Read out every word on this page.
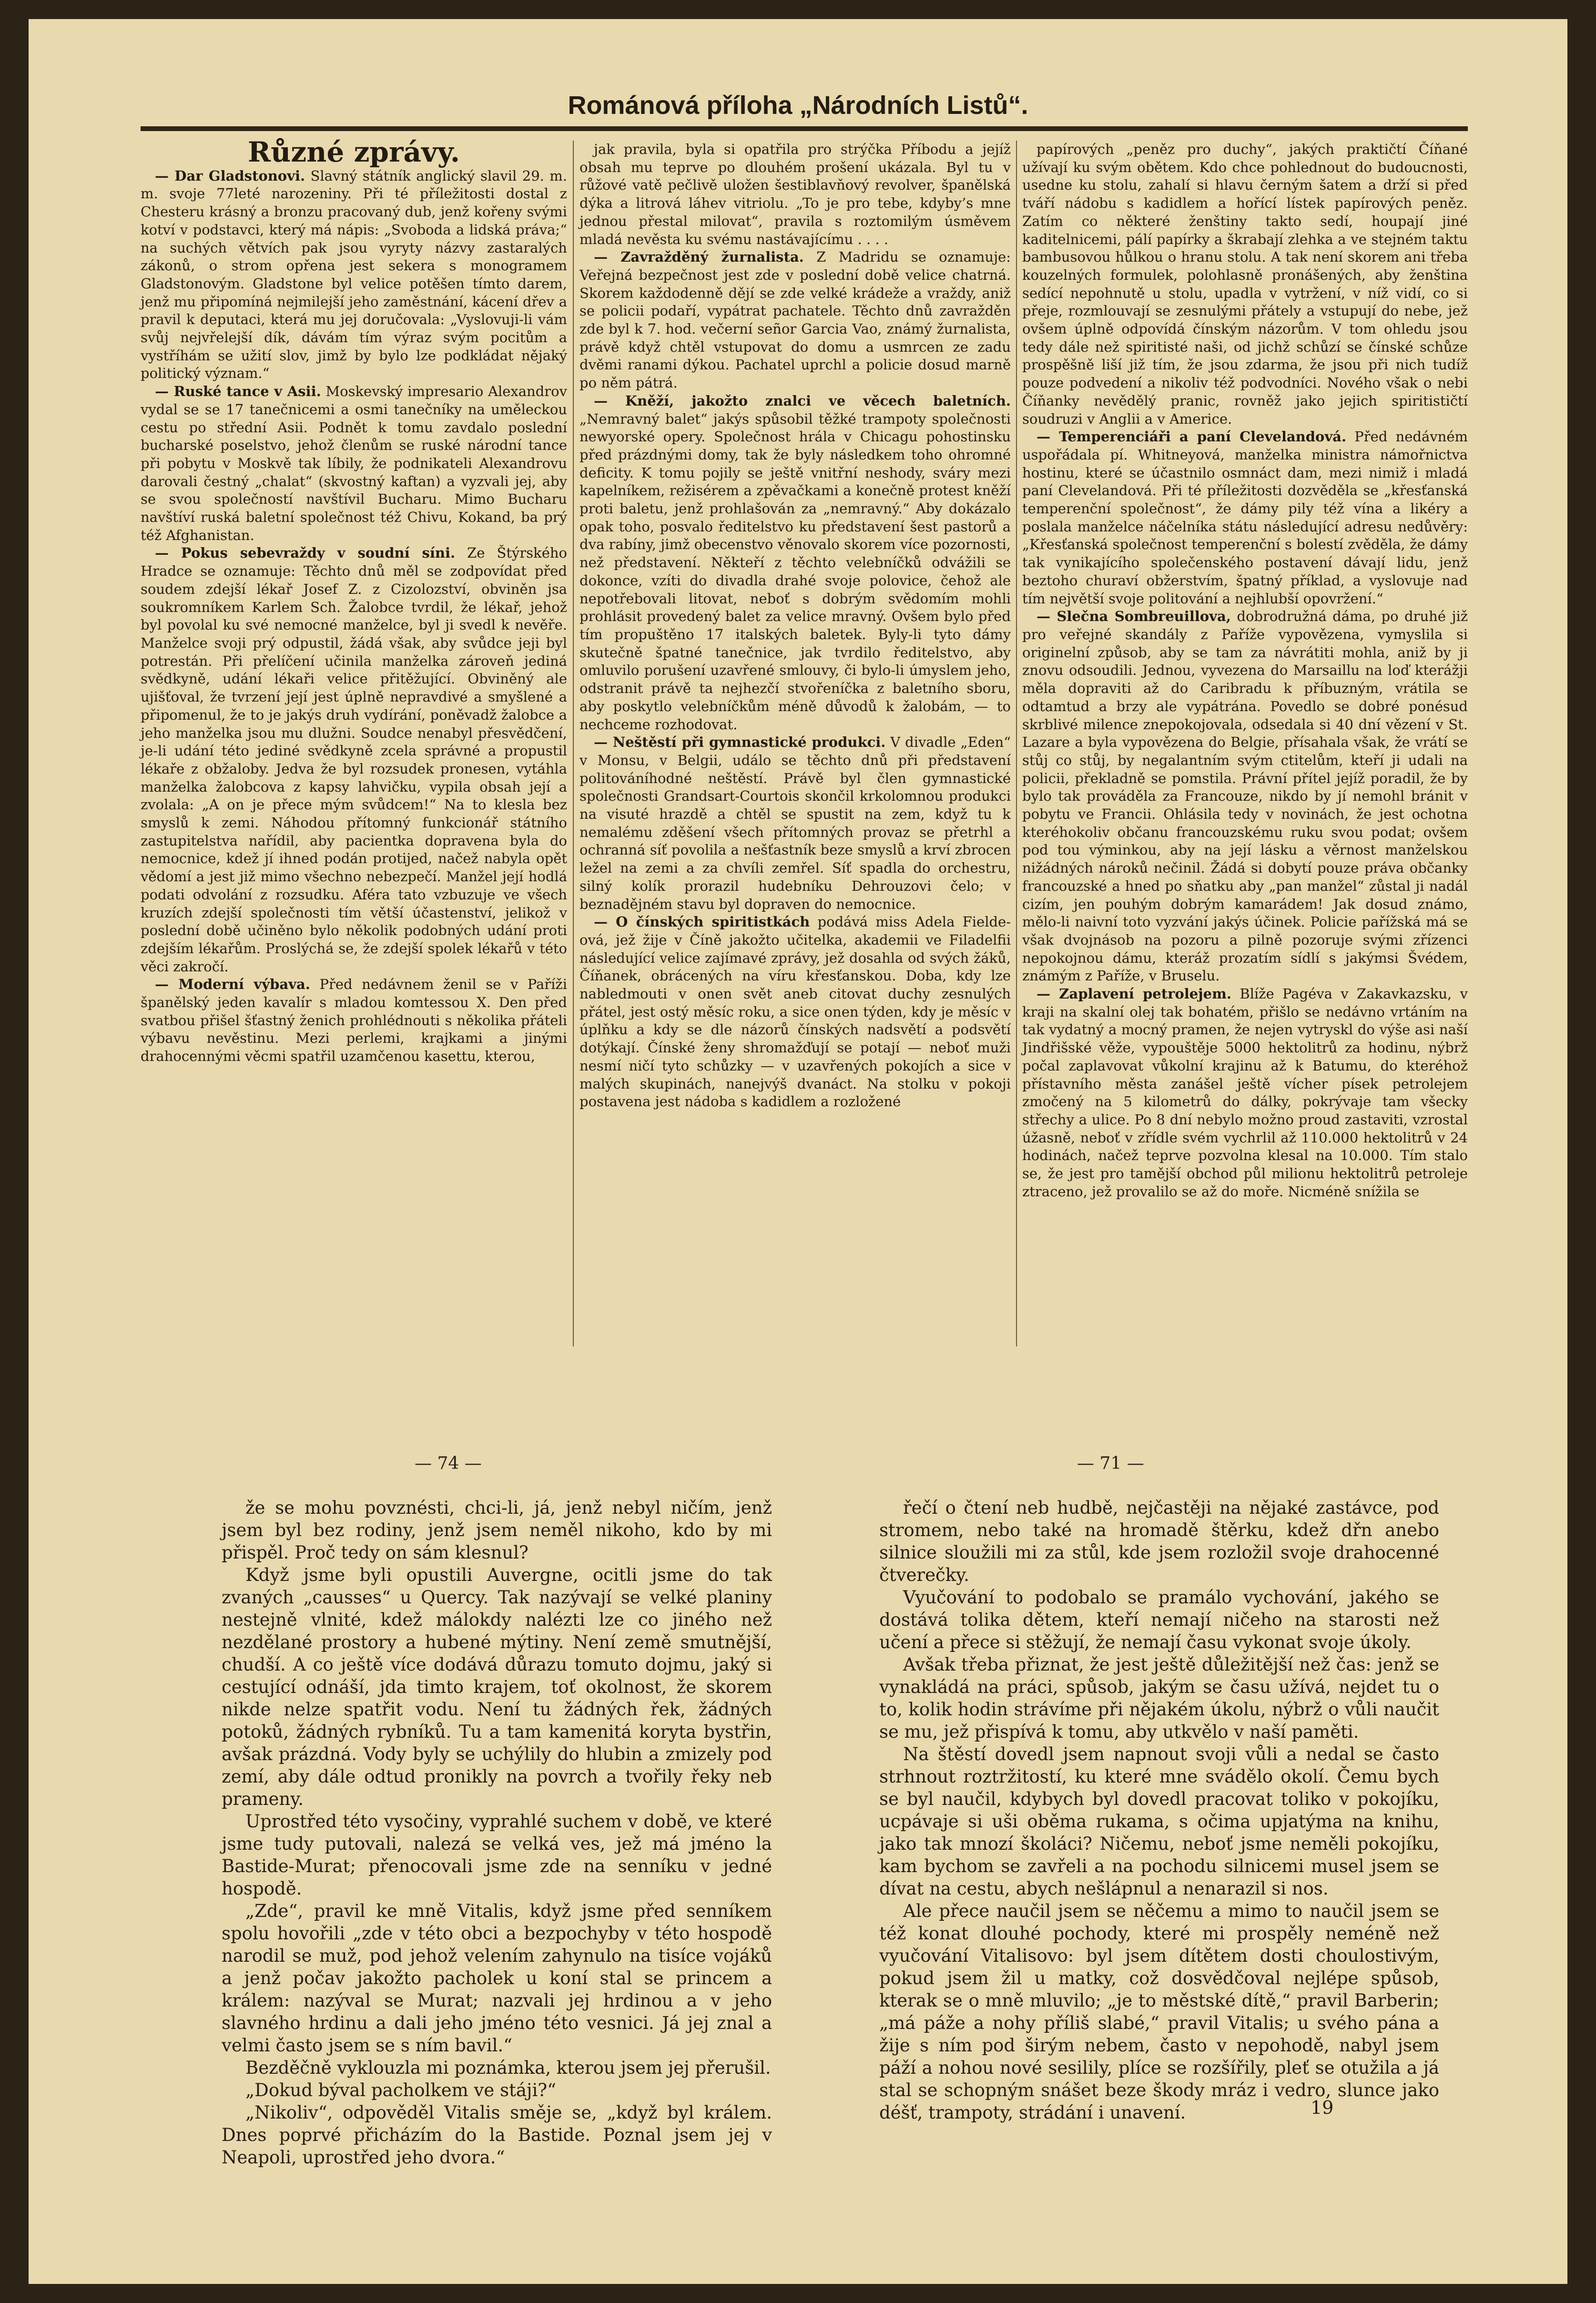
Románová příloha „Národních Listů“.
Různé zprávy.

— Dar Gladstonovi. Slavný státník anglický slavil 29. m. m. svoje 77leté narozeniny. Při té příležitosti dostal z Chesteru krásný a bronzu pracovaný dub, jenž kořeny svými kotví v podstavci, který má nápis: „Svoboda a lidská práva;“ na suchých větvích pak jsou vyryty názvy zastaralých zákonů, o strom opřena jest sekera s monogramem Gladstonovým. Gladstone byl velice potěšen tímto darem, jenž mu připomíná nejmilejší jeho zaměstnání, kácení dřev a pravil k deputaci, která mu jej doručovala: „Vyslovuji-li vám svůj nejvřelejší dík, dávám tím výraz svým pocitům a vystříhám se užití slov, jimž by bylo lze podkládat nějaký politický význam.“

— Ruské tance v Asii. Moskevský impresario Alexandrov vydal se se 17 tanečnicemi a osmi tanečníky na uměleckou cestu po střední Asii. Podnět k tomu zavdalo poslední bucharské poselstvo, jehož členům se ruské národní tance při pobytu v Moskvě tak líbily, že podnikateli Alexandrovu darovali čestný „chalat“ (skvostný kaftan) a vyzvali jej, aby se svou společností navštívil Bucharu. Mimo Bucharu navštíví ruská baletní společnost též Chivu, Kokand, ba prý též Afghanistan.

— Pokus sebevraždy v soudní síni. Ze Štýrského Hradce se oznamuje: Těchto dnů měl se zodpovídat před soudem zdejší lékař Josef Z. z Cizolozství, obviněn jsa soukromníkem Karlem Sch. Žalobce tvrdil, že lékař, jehož byl povolal ku své nemocné manželce, byl ji svedl k nevěře. Manželce svoji prý odpustil, žádá však, aby svůdce jeji byl potrestán. Při přelíčení učinila manželka zároveň jediná svědkyně, udání lékaři velice přitěžující. Obviněný ale ujišťoval, že tvrzení její jest úplně nepravdivé a smyšlené a připomenul, že to je jakýs druh vydírání, poněvadž žalobce a jeho manželka jsou mu dlužni. Soudce nenabyl přesvědčení, je-li udání této jediné svědkyně zcela správné a propustil lékaře z obžaloby. Jedva že byl rozsudek pronesen, vytáhla manželka žalobcova z kapsy lahvičku, vypila obsah její a zvolala: „A on je přece mým svůdcem!“ Na to klesla bez smyslů k zemi. Náhodou přítomný funkcionář státního zastupitelstva nařídil, aby pacientka dopravena byla do nemocnice, kdež jí ihned podán protijed, načež nabyla opět vědomí a jest již mimo všechno nebezpečí. Manžel její hodlá podati odvolání z rozsudku. Aféra tato vzbuzuje ve všech kruzích zdejší společnosti tím větší účastenství, jelikož v poslední době učiněno bylo několik podobných udání proti zdejším lékařům. Proslýchá se, že zdejší spolek lékařů v této věci zakročí.

— Moderní výbava. Před nedávnem ženil se v Paříži španělský jeden kavalír s mladou komtessou X. Den před svatbou přišel šťastný ženich prohlédnouti s několika přáteli výbavu nevěstinu. Mezi perlemi, krajkami a jinými drahocennými věcmi spatřil uzamčenou kasettu, kterou,

jak pravila, byla si opatřila pro strýčka Příbodu a jejíž obsah mu teprve po dlouhém prošení ukázala. Byl tu v růžové vatě pečlivě uložen šestiblavňový revolver, španělská dýka a litrová láhev vitriolu. „To je pro tebe, kdyby’s mne jednou přestal milovat“, pravila s roztomilým úsměvem mladá nevěsta ku svému nastávajícímu . . . .

— Zavražděný žurnalista. Z Madridu se oznamuje: Veřejná bezpečnost jest zde v poslední době velice chatrná. Skorem každodenně dějí se zde velké krádeže a vraždy, aniž se policii podaří, vypátrat pachatele. Těchto dnů zavražděn zde byl k 7. hod. večerní señor Garcia Vao, známý žurnalista, právě když chtěl vstupovat do domu a usmrcen ze zadu dvěmi ranami dýkou. Pachatel uprchl a policie dosud marně po něm pátrá.

— Kněží, jakožto znalci ve věcech baletních. „Nemravný balet“ jakýs spůsobil těžké trampoty společnosti newyorské opery. Společnost hrála v Chicagu pohostinsku před prázdnými domy, tak že byly následkem toho ohromné deficity. K tomu pojily se ještě vnitřní neshody, sváry mezi kapelníkem, režisérem a zpěvačkami a konečně protest kněží proti baletu, jenž prohlašován za „nemravný.“ Aby dokázalo opak toho, posvalo ředitelstvo ku představení šest pastorů a dva rabíny, jimž obecenstvo věnovalo skorem více pozornosti, než představení. Někteří z těchto velebníčků odvážili se dokonce, vzíti do divadla drahé svoje polovice, čehož ale nepotřebovali litovat, neboť s dobrým svědomím mohli prohlásit provedený balet za velice mravný. Ovšem bylo před tím propuštěno 17 italských baletek. Byly-li tyto dámy skutečně špatné tanečnice, jak tvrdilo ředitelstvo, aby omluvilo porušení uzavřené smlouvy, či bylo-li úmyslem jeho, odstranit právě ta nejhezčí stvořeníčka z baletního sboru, aby poskytlo velebníčkům méně důvodů k žalobám, — to nechceme rozhodovat.

— Neštěstí při gymnastické produkci. V divadle „Eden“ v Monsu, v Belgii, událo se těchto dnů při představení politováníhodné neštěstí. Právě byl člen gymnastické společnosti Grandsart-Courtois skončil krkolomnou produkci na visuté hrazdě a chtěl se spustit na zem, když tu k nemalému zděšení všech přítomných provaz se přetrhl a ochranná síť povolila a nešťastník beze smyslů a krví zbrocen ležel na zemi a za chvíli zemřel. Síť spadla do orchestru, silný kolík prorazil hudebníku Dehrouzovi čelo; v beznadějném stavu byl dopraven do nemocnice.

— O čínských spiritistkách podává miss Adela Fielde-ová, jež žije v Číně jakožto učitelka, akademii ve Filadelfii následující velice zajímavé zprávy, jež dosahla od svých žáků, Číňanek, obrácených na víru křesťanskou. Doba, kdy lze nabledmouti v onen svět aneb citovat duchy zesnulých přátel, jest ostý měsíc roku, a sice onen týden, kdy je měsíc v úplňku a kdy se dle názorů čínských nadsvětí a podsvětí dotýkají. Čínské ženy shromažďují se potají — neboť muži nesmí ničí tyto schůzky — v uzavřených pokojích a sice v malých skupinách, nanejvýš dvanáct. Na stolku v pokoji postavena jest nádoba s kadidlem a rozložené

papírových „peněz pro duchy“, jakých praktičtí Číňané užívají ku svým obětem. Kdo chce pohlednout do budoucnosti, usedne ku stolu, zahalí si hlavu černým šatem a drží si před tváří nádobu s kadidlem a hořící lístek papírových peněz. Zatím co některé ženštiny takto sedí, houpají jiné kaditelnicemi, pálí papírky a škrabají zlehka a ve stejném taktu bambusovou hůlkou o hranu stolu. A tak není skorem ani třeba kouzelných formulek, polohlasně pronášených, aby ženština sedící nepohnutě u stolu, upadla v vytržení, v níž vidí, co si přeje, rozmlouvají se zesnulými přátely a vstupují do nebe, jež ovšem úplně odpovídá čínským názorům. V tom ohledu jsou tedy dále než spiritisté naši, od jichž schůzí se čínské schůze prospěšně liší již tím, že jsou zdarma, že jsou při nich tudíž pouze podvedení a nikoliv též podvodníci. Nového však o nebi Číňanky nevědělý pranic, rovněž jako jejich spiritističtí soudruzi v Anglii a v Americe.

— Temperenciáři a paní Clevelandová. Před nedávném uspořádala pí. Whitneyová, manželka ministra námořnictva hostinu, které se účastnilo osmnáct dam, mezi nimiž i mladá paní Clevelandová. Při té příležitosti dozvěděla se „křesťanská temperenční společnost“, že dámy pily též vína a likéry a poslala manželce náčelníka státu následující adresu nedůvěry: „Křesťanská společnost temperenční s bolestí zvěděla, že dámy tak vynikajícího společenského postavení dávají lidu, jenž beztoho churaví obžerstvím, špatný příklad, a vyslovuje nad tím největší svoje politování a nejhlubší opovržení.“

— Slečna Sombreuillova, dobrodružná dáma, po druhé již pro veřejné skandály z Paříže vypovězena, vymyslila si originelní způsob, aby se tam za návrátiti mohla, aniž by ji znovu odsoudili. Jednou, vyvezena do Marsaillu na loď kterážji měla dopraviti až do Caribradu k příbuzným, vrátila se odtamtud a brzy ale vypátrána. Povedlo se dobré ponésud skrblivé milence znepokojovala, odsedala si 40 dní vězení v St. Lazare a byla vypovězena do Belgie, přísahala však, že vrátí se stůj co stůj, by negalantním svým ctitelům, kteří ji udali na policii, překladně se pomstila. Právní přítel jejíž poradil, že by bylo tak prováděla za Francouze, nikdo by jí nemohl bránit v pobytu ve Francii. Ohlásila tedy v novinách, že jest ochotna kteréhokoliv občanu francouzskému ruku svou podat; ovšem pod tou výminkou, aby na její lásku a věrnost manželskou nižádných nároků nečinil. Žádá si dobytí pouze práva občanky francouzské a hned po sňatku aby „pan manžel“ zůstal ji nadál cizím, jen pouhým dobrým kamarádem! Jak dosud známo, mělo-li naivní toto vyzvání jakýs účinek. Policie pařížská má se však dvojnásob na pozoru a pilně pozoruje svými zřízenci nepokojnou dámu, kteráž prozatím sídlí s jakýmsi Švédem, známým z Paříže, v Bruselu.

— Zaplavení petrolejem. Blíže Pagéva v Zakavkazsku, v kraji na skalní olej tak bohatém, přišlo se nedávno vrtáním na tak vydatný a mocný pramen, že nejen vytryskl do výše asi naší Jindřišské věže, vypouštěje 5000 hektolitrů za hodinu, nýbrž počal zaplavovat vůkolní krajinu až k Batumu, do kteréhož přístavního města zanášel ještě vícher písek petrolejem zmočený na 5 kilometrů do dálky, pokrývaje tam všecky střechy a ulice. Po 8 dní nebylo možno proud zastaviti, vzrostal úžasně, neboť v zřídle svém vychrlil až 110.000 hektolitrů v 24 hodinách, načež teprve pozvolna klesal na 10.000. Tím stalo se, že jest pro tamější obchod půl milionu hektolitrů petroleje ztraceno, jež provalilo se až do moře. Nicméně snížila se

— 74 —	— 71 —

že se mohu povznésti, chci-li, já, jenž nebyl ničím, jenž jsem byl bez rodiny, jenž jsem neměl nikoho, kdo by mi přispěl. Proč tedy on sám klesnul?

Když jsme byli opustili Auvergne, ocitli jsme do tak zvaných „causses“ u Quercy. Tak nazývají se velké planiny nestejně vlnité, kdež málokdy nalézti lze co jiného než nezdělané prostory a hubené mýtiny. Není země smutnější, chudší. A co ještě více dodává důrazu tomuto dojmu, jaký si cestující odnáší, jda timto krajem, toť okolnost, že skorem nikde nelze spatřit vodu. Není tu žádných řek, žádných potoků, žádných rybníků. Tu a tam kamenitá koryta bystřin, avšak prázdná. Vody byly se uchýlily do hlubin a zmizely pod zemí, aby dále odtud pronikly na povrch a tvořily řeky neb prameny.

Uprostřed této vysočiny, vyprahlé suchem v době, ve které jsme tudy putovali, nalezá se velká ves, jež má jméno la Bastide-Murat; přenocovali jsme zde na senníku v jedné hospodě.

„Zde“, pravil ke mně Vitalis, když jsme před senníkem spolu hovořili „zde v této obci a bezpochyby v této hospodě narodil se muž, pod jehož velením zahynulo na tisíce vojáků a jenž počav jakožto pacholek u koní stal se princem a králem: nazýval se Murat; nazvali jej hrdinou a v jeho slavného hrdinu a dali jeho jméno této vesnici. Já jej znal a velmi často jsem se s ním bavil.“

Bezděčně vyklouzla mi poznámka, kterou jsem jej přerušil.

„Dokud býval pacholkem ve stáji?“

„Nikoliv“, odpověděl Vitalis směje se, „když byl králem. Dnes poprvé přicházím do la Bastide. Poznal jsem jej v Neapoli, uprostřed jeho dvora.“

řečí o čtení neb hudbě, nejčastěji na nějaké zastávce, pod stromem, nebo také na hromadě štěrku, kdež dřn anebo silnice sloužili mi za stůl, kde jsem rozložil svoje drahocenné čtverečky.

Vyučování to podobalo se pramálo vychování, jakého se dostává tolika dětem, kteří nemají ničeho na starosti než učení a přece si stěžují, že nemají času vykonat svoje úkoly.

Avšak třeba přiznat, že jest ještě důležitější než čas: jenž se vynakládá na práci, spůsob, jakým se času užívá, nejdet tu o to, kolik hodin strávíme při nějakém úkolu, nýbrž o vůli naučit se mu, jež přispívá k tomu, aby utkvělo v naší paměti.

Na štěstí dovedl jsem napnout svoji vůli a nedal se často strhnout roztržitostí, ku které mne svádělo okolí. Čemu bych se byl naučil, kdybych byl dovedl pracovat toliko v pokojíku, ucpávaje si uši oběma rukama, s očima upjatýma na knihu, jako tak mnozí školáci? Ničemu, neboť jsme neměli pokojíku, kam bychom se zavřeli a na pochodu silnicemi musel jsem se dívat na cestu, abych nešlápnul a nenarazil si nos.

Ale přece naučil jsem se něčemu a mimo to naučil jsem se též konat dlouhé pochody, které mi prospěly neméně než vyučování Vitalisovo: byl jsem dítětem dosti choulostivým, pokud jsem žil u matky, což dosvědčoval nejlépe spůsob, kterak se o mně mluvilo; „je to městské dítě,“ pravil Barberin; „má páže a nohy příliš slabé,“ pravil Vitalis; u svého pána a žije s ním pod širým nebem, často v nepohodě, nabyl jsem páží a nohou nové sesilily, plíce se rozšířily, pleť se otužila a já stal se schopným snášet beze škody mráz i vedro, slunce jako déšť, trampoty, strádání i unavení.	19
